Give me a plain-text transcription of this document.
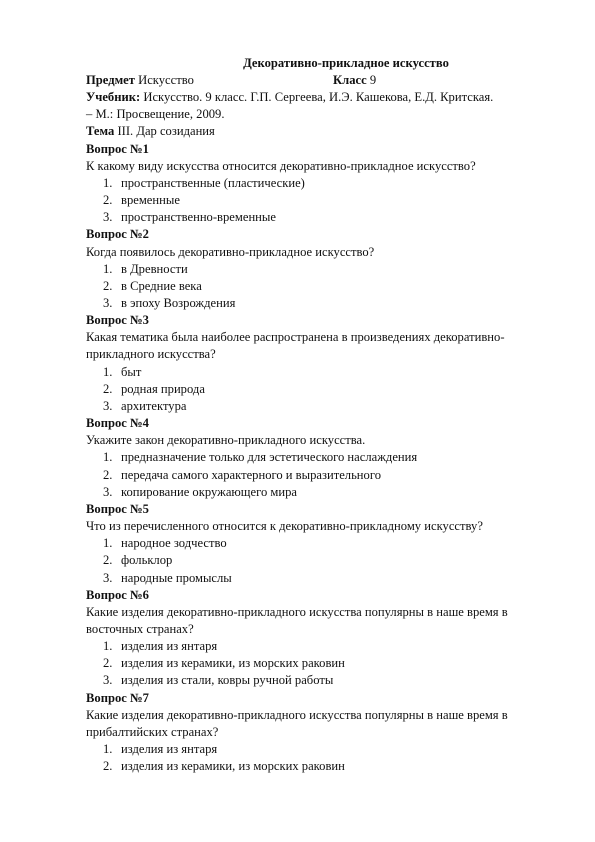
Декоративно-прикладное искусство
Предмет Искусство	Класс 9
Учебник: Искусство. 9 класс. Г.П. Сергеева, И.Э. Кашекова, Е.Д. Критская.
– М.: Просвещение, 2009.
Тема III. Дар созидания
Вопрос №1
К какому виду искусства относится декоративно-прикладное искусство?
1. пространственные (пластические)
2. временные
3. пространственно-временные
Вопрос №2
Когда появилось декоративно-прикладное искусство?
1. в Древности
2. в Средние века
3. в эпоху Возрождения
Вопрос №3
Какая тематика была наиболее распространена в произведениях декоративно-
прикладного искусства?
1. быт
2. родная природа
3. архитектура
Вопрос №4
Укажите закон декоративно-прикладного искусства.
1. предназначение только для эстетического наслаждения
2. передача самого характерного и выразительного
3. копирование окружающего мира
Вопрос №5
Что из перечисленного относится к декоративно-прикладному искусству?
1. народное зодчество
2. фольклор
3. народные промыслы
Вопрос №6
Какие изделия декоративно-прикладного искусства популярны в наше время в
восточных странах?
1. изделия из янтаря
2. изделия из керамики, из морских раковин
3. изделия из стали, ковры ручной работы
Вопрос №7
Какие изделия декоративно-прикладного искусства популярны в наше время в
прибалтийских странах?
1. изделия из янтаря
2. изделия из керамики, из морских раковин
